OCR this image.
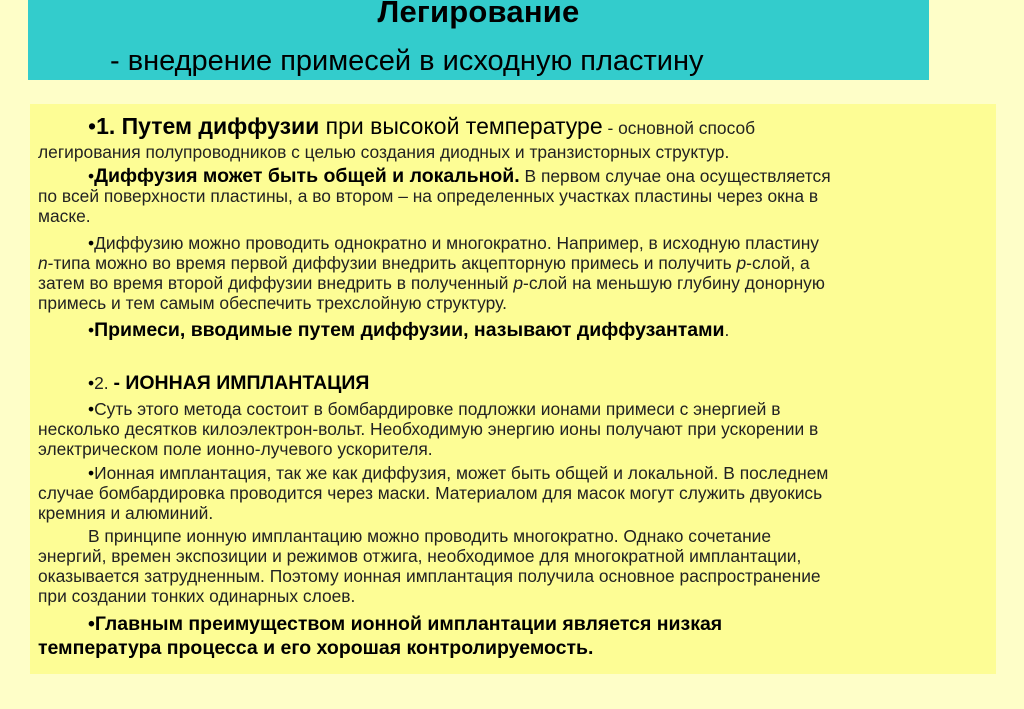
Легирование
- внедрение примесей в исходную пластину
•1. Путем диффузии при высокой температуре - основной способ
легирования полупроводников с целью создания диодных и транзисторных структур.
•Диффузия может быть общей и локальной. В первом случае она осуществляется
по всей поверхности пластины, а во втором – на определенных участках пластины через окна в
маске.
•Диффузию можно проводить однократно и многократно. Например, в исходную пластину
n-типа можно во время первой диффузии внедрить акцепторную примесь и получить p-слой, а
затем во время второй диффузии внедрить в полученный p-слой на меньшую глубину донорную
примесь и тем самым обеспечить трехслойную структуру.
•Примеси, вводимые путем диффузии, называют диффузантами.
•2. - ИОННАЯ ИМПЛАНТАЦИЯ
•Суть этого метода состоит в бомбардировке подложки ионами примеси с энергией в
несколько десятков килоэлектрон-вольт. Необходимую энергию ионы получают при ускорении в
электрическом поле ионно-лучевого ускорителя.
•Ионная имплантация, так же как диффузия, может быть общей и локальной. В последнем
случае бомбардировка проводится через маски. Материалом для масок могут служить двуокись
кремния и алюминий.
В принципе ионную имплантацию можно проводить многократно. Однако сочетание
энергий, времен экспозиции и режимов отжига, необходимое для многократной имплантации,
оказывается затрудненным. Поэтому ионная имплантация получила основное распространение
при создании тонких одинарных слоев.
•Главным преимуществом ионной имплантации является низкая
температура процесса и его хорошая контролируемость.
